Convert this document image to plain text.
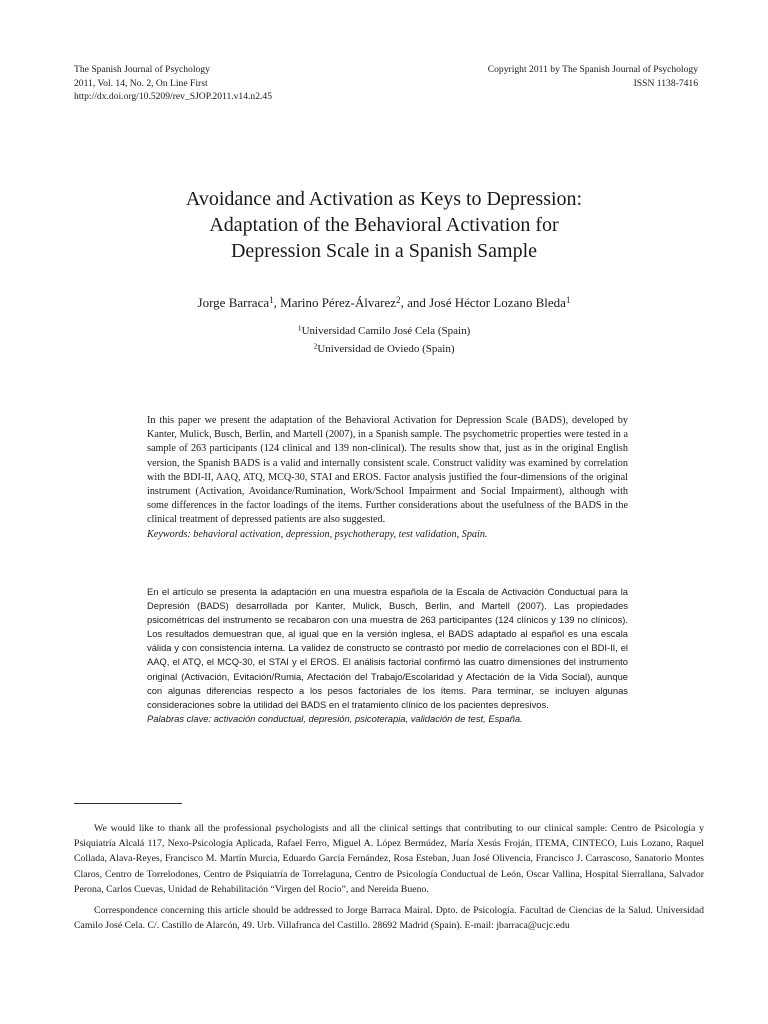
The Spanish Journal of Psychology
2011, Vol. 14, No. 2, On Line First
http://dx.doi.org/10.5209/rev_SJOP.2011.v14.n2.45
Copyright 2011 by The Spanish Journal of Psychology
ISSN 1138-7416
Avoidance and Activation as Keys to Depression:
Adaptation of the Behavioral Activation for
Depression Scale in a Spanish Sample
Jorge Barraca$^1$, Marino Pérez-Álvarez$^2$, and José Héctor Lozano Bleda$^1$
$^1$Universidad Camilo José Cela (Spain)
$^2$Universidad de Oviedo (Spain)

In this paper we present the adaptation of the Behavioral Activation for Depression Scale (BADS), developed by Kanter, Mulick, Busch, Berlin, and Martell (2007), in a Spanish sample. The psychometric properties were tested in a sample of 263 participants (124 clinical and 139 non-clinical). The results show that, just as in the original English version, the Spanish BADS is a valid and internally consistent scale. Construct validity was examined by correlation with the BDI-II, AAQ, ATQ, MCQ-30, STAI and EROS. Factor analysis justified the four-dimensions of the original instrument (Activation, Avoidance/Rumination, Work/School Impairment and Social Impairment), although with some differences in the factor loadings of the items. Further considerations about the usefulness of the BADS in the clinical treatment of depressed patients are also suggested.

Keywords: behavioral activation, depression, psychotherapy, test validation, Spain.

En el artículo se presenta la adaptación en una muestra española de la Escala de Activación Conductual para la Depresión (BADS) desarrollada por Kanter, Mulick, Busch, Berlin, and Martell (2007). Las propiedades psicométricas del instrumento se recabaron con una muestra de 263 participantes (124 clínicos y 139 no clínicos). Los resultados demuestran que, al igual que en la versión inglesa, el BADS adaptado al español es una escala válida y con consistencia interna. La validez de constructo se contrastó por medio de correlaciones con el BDI-II, el AAQ, el ATQ, el MCQ-30, el STAI y el EROS. El análisis factorial confirmó las cuatro dimensiones del instrumento original (Activación, Evitación/Rumia, Afectación del Trabajo/Escolaridad y Afectación de la Vida Social), aunque con algunas diferencias respecto a los pesos factoriales de los ítems. Para terminar, se incluyen algunas consideraciones sobre la utilidad del BADS en el tratamiento clínico de los pacientes depresivos.

Palabras clave: activación conductual, depresión, psicoterapia, validación de test, España.

We would like to thank all the professional psychologists and all the clinical settings that contributing to our clinical sample: Centro de Psicología y Psiquiatría Alcalá 117, Nexo-Psicología Aplicada, Rafael Ferro, Miguel A. López Bermúdez, María Xesús Froján, ITEMA, CINTECO, Luis Lozano, Raquel Collada, Alava-Reyes, Francisco M. Martín Murcia, Eduardo García Fernández, Rosa Esteban, Juan José Olivencia, Francisco J. Carrascoso, Sanatorio Montes Claros, Centro de Torrelodones, Centro de Psiquiatría de Torrelaguna, Centro de Psicología Conductual de León, Oscar Vallina, Hospital Sierrallana, Salvador Perona, Carlos Cuevas, Unidad de Rehabilitación “Virgen del Rocío”, and Nereida Bueno.

Correspondence concerning this article should be addressed to Jorge Barraca Mairal. Dpto. de Psicología. Facultad de Ciencias de la Salud. Universidad Camilo José Cela. C/. Castillo de Alarcón, 49. Urb. Villafranca del Castillo. 28692 Madrid (Spain). E-mail: jbarraca@ucjc.edu
